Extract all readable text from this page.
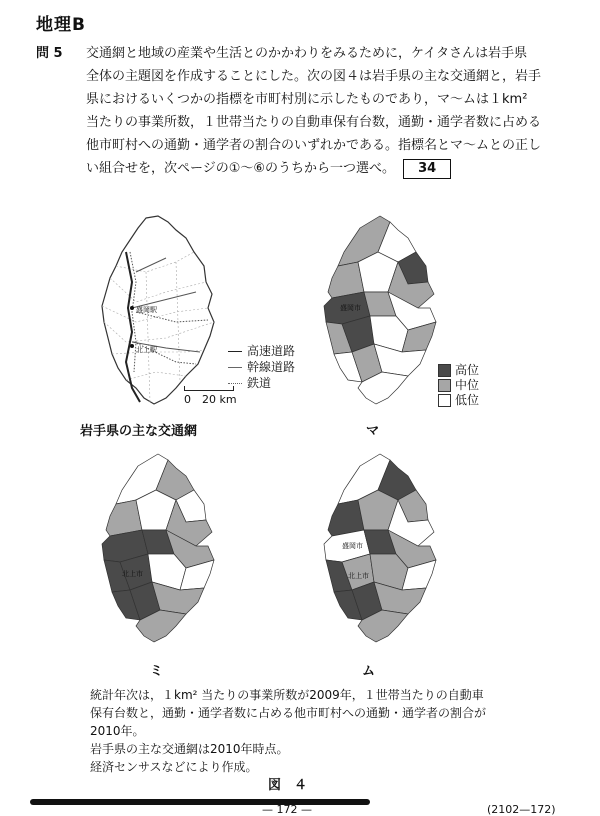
地理B
問 5 交通網と地域の産業や生活とのかかわりをみるために，ケイタさんは岩手県
全体の主題図を作成することにした。次の図４は岩手県の主な交通網と，岩手
県におけるいくつかの指標を市町村別に示したものであり，マ～ムは１km²
当たりの事業所数，１世帯当たりの自動車保有台数，通勤・通学者数に占める
他市町村への通勤・通学者の割合のいずれかである。指標名とマ～ムとの正し
い組合せを，次ページの①～⑥のうちから一つ選べ。 34
盛岡駅
北上駅	高速道路
幹線道路
鉄道
0　20 km
岩手県の主な交通網
盛岡市
高位
中位
低位
マ
北上市
ミ
盛岡市
北上市
ム
統計年次は，１km² 当たりの事業所数が2009年，１世帯当たりの自動車
保有台数と，通勤・通学者数に占める他市町村への通勤・通学者の割合が
2010年。
岩手県の主な交通網は2010年時点。
経済センサスなどにより作成。
図　４
— 172 —	(2102—172)
